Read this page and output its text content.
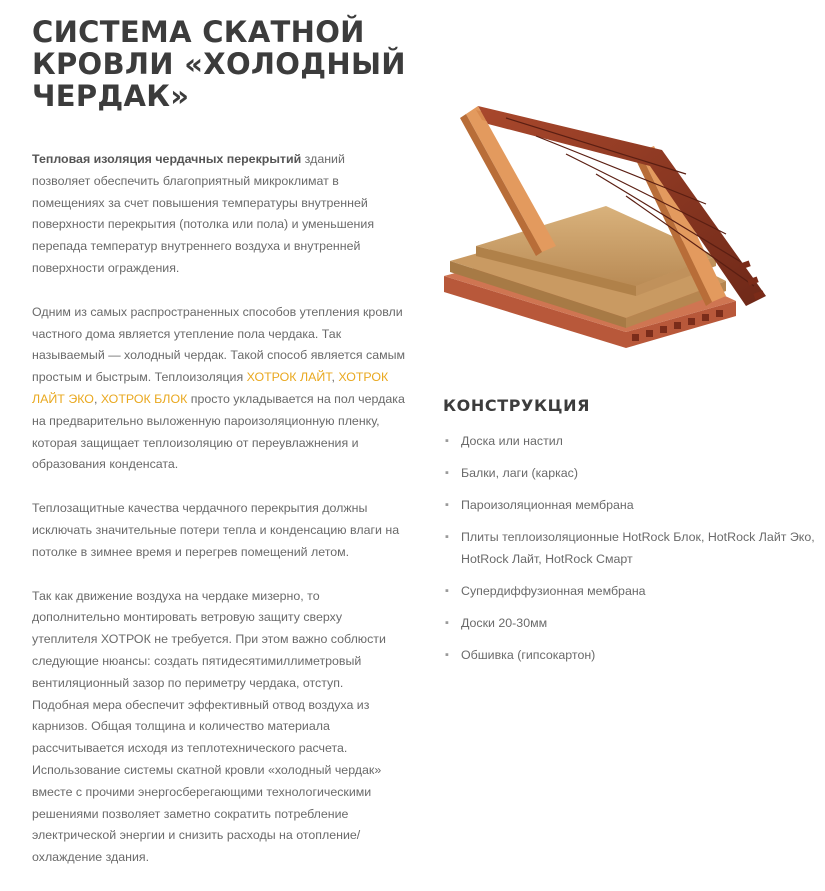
СИСТЕМА СКАТНОЙ
КРОВЛИ «ХОЛОДНЫЙ
ЧЕРДАК»

Тепловая изоляция чердачных перекрытий зданий
позволяет обеспечить благоприятный микроклимат в
помещениях за счет повышения температуры внутренней
поверхности перекрытия (потолка или пола) и уменьшения
перепада температур внутреннего воздуха и внутренней
поверхности ограждения.

Одним из самых распространенных способов утепления кровли
частного дома является утепление пола чердака. Так
называемый — холодный чердак. Такой способ является самым
простым и быстрым. Теплоизоляция ХОТРОК ЛАЙТ, ХОТРОК
ЛАЙТ ЭКО, ХОТРОК БЛОК просто укладывается на пол чердака
на предварительно выложенную пароизоляционную пленку,
которая защищает теплоизоляцию от переувлажнения и
образования конденсата.

Теплозащитные качества чердачного перекрытия должны
исключать значительные потери тепла и конденсацию влаги на
потолке в зимнее время и перегрев помещений летом.

Так как движение воздуха на чердаке мизерно, то
дополнительно монтировать ветровую защиту сверху
утеплителя ХОТРОК не требуется. При этом важно соблюсти
следующие нюансы: создать пятидесятимиллиметровый
вентиляционный зазор по периметру чердака, отступ.
Подобная мера обеспечит эффективный отвод воздуха из
карнизов. Общая толщина и количество материала
рассчитывается исходя из теплотехнического расчета.
Использование системы скатной кровли «холодный чердак»
вместе с прочими энергосберегающими технологическими
решениями позволяет заметно сократить потребление
электрической энергии и снизить расходы на отопление/
охлаждение здания.

КОНСТРУКЦИЯ
▪ Доска или настил
▪ Балки, лаги (каркас)
▪ Пароизоляционная мембрана
▪ Плиты теплоизоляционные HotRock Блок, HotRock Лайт Эко,
HotRock Лайт, HotRock Смарт
▪ Супердиффузионная мембрана
▪ Доски 20-30мм
▪ Обшивка (гипсокартон)
